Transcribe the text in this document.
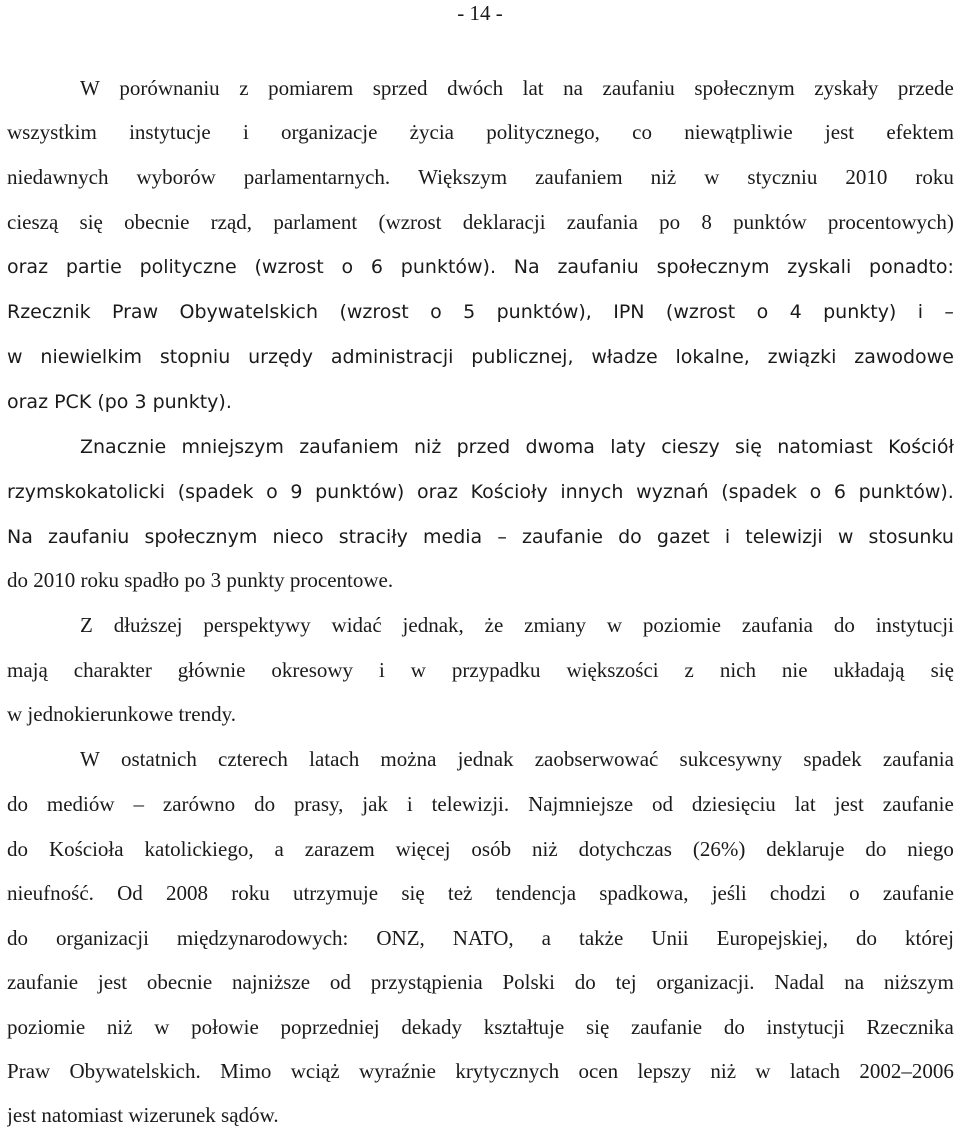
- 14 -
W porównaniu z pomiarem sprzed dwóch lat na zaufaniu społecznym zyskały przede
wszystkim instytucje i organizacje życia politycznego, co niewątpliwie jest efektem
niedawnych wyborów parlamentarnych. Większym zaufaniem niż w styczniu 2010 roku
cieszą się obecnie rząd, parlament (wzrost deklaracji zaufania po 8 punktów procentowych)
oraz partie polityczne (wzrost o 6 punktów). Na zaufaniu społecznym zyskali ponadto:
Rzecznik Praw Obywatelskich (wzrost o 5 punktów), IPN (wzrost o 4 punkty) i –
w niewielkim stopniu urzędy administracji publicznej, władze lokalne, związki zawodowe
oraz PCK (po 3 punkty).
Znacznie mniejszym zaufaniem niż przed dwoma laty cieszy się natomiast Kościół
rzymskokatolicki (spadek o 9 punktów) oraz Kościoły innych wyznań (spadek o 6 punktów).
Na zaufaniu społecznym nieco straciły media – zaufanie do gazet i telewizji w stosunku
do 2010 roku spadło po 3 punkty procentowe.
Z dłuższej perspektywy widać jednak, że zmiany w poziomie zaufania do instytucji
mają charakter głównie okresowy i w przypadku większości z nich nie układają się
w jednokierunkowe trendy.
W ostatnich czterech latach można jednak zaobserwować sukcesywny spadek zaufania
do mediów – zarówno do prasy, jak i telewizji. Najmniejsze od dziesięciu lat jest zaufanie
do Kościoła katolickiego, a zarazem więcej osób niż dotychczas (26%) deklaruje do niego
nieufność. Od 2008 roku utrzymuje się też tendencja spadkowa, jeśli chodzi o zaufanie
do organizacji międzynarodowych: ONZ, NATO, a także Unii Europejskiej, do której
zaufanie jest obecnie najniższe od przystąpienia Polski do tej organizacji. Nadal na niższym
poziomie niż w połowie poprzedniej dekady kształtuje się zaufanie do instytucji Rzecznika
Praw Obywatelskich. Mimo wciąż wyraźnie krytycznych ocen lepszy niż w latach 2002–2006
jest natomiast wizerunek sądów.
